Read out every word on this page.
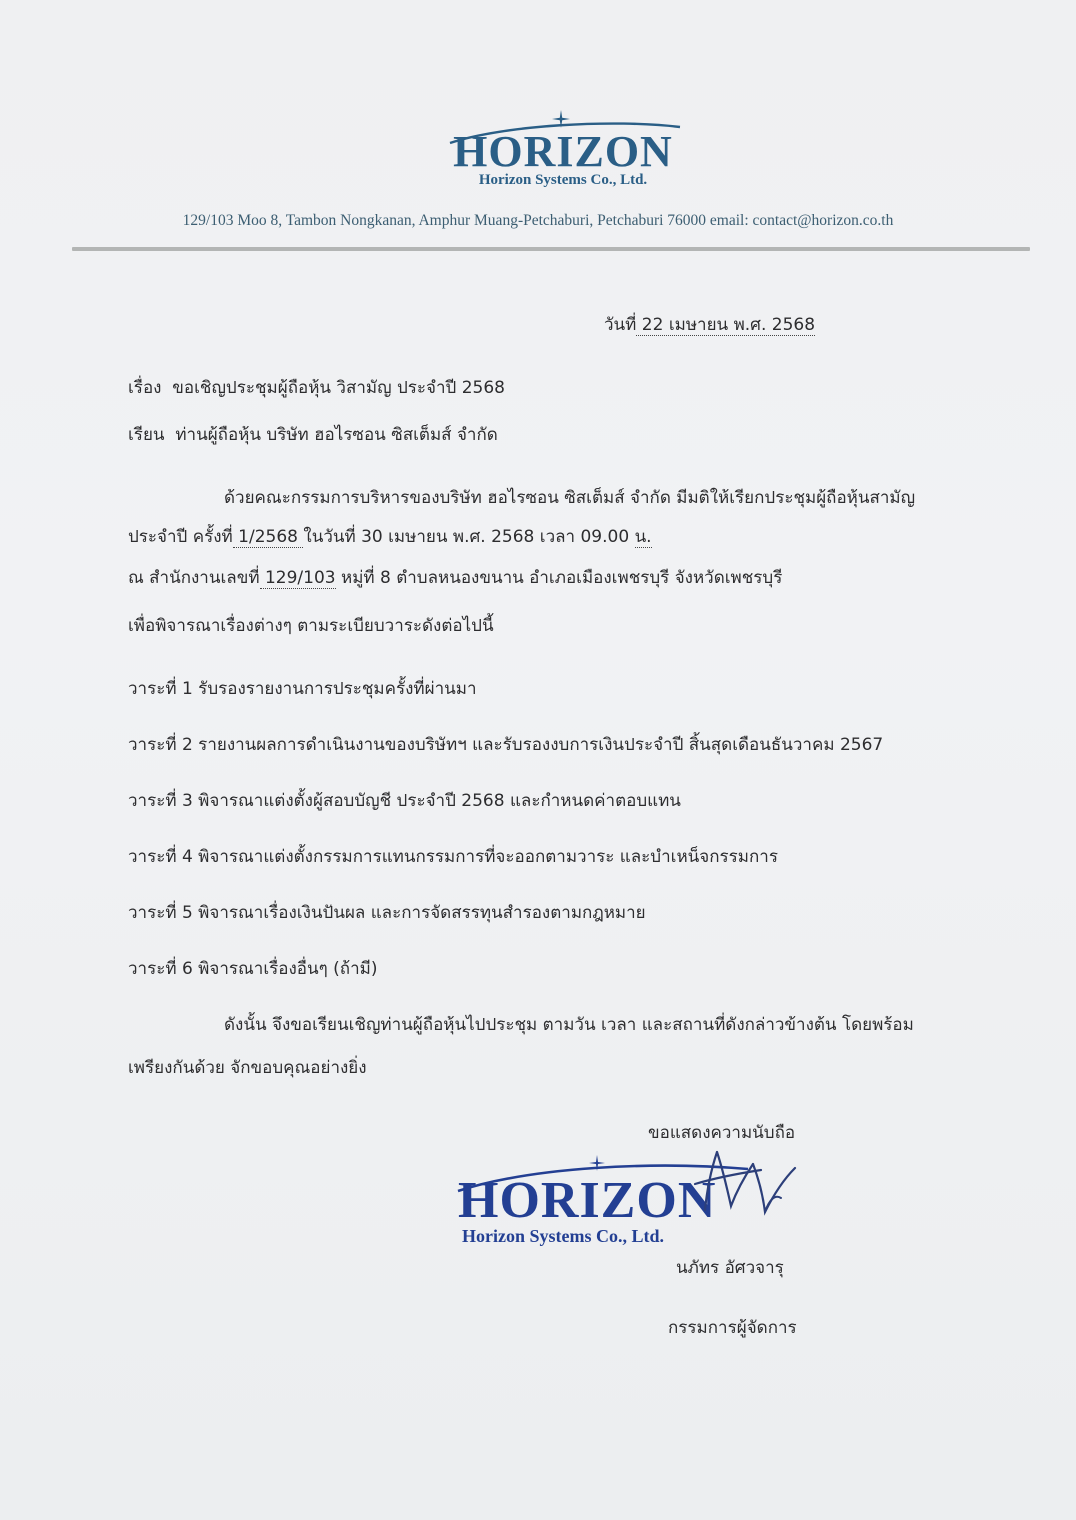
HORIZON
Horizon Systems Co., Ltd.
129/103 Moo 8, Tambon Nongkanan, Amphur Muang-Petchaburi, Petchaburi 76000 email: contact@horizon.co.th
วันที่ 22 เมษายน พ.ศ. 2568
เรื่อง ขอเชิญประชุมผู้ถือหุ้น วิสามัญ ประจำปี 2568
เรียน ท่านผู้ถือหุ้น บริษัท ฮอไรซอน ซิสเต็มส์ จำกัด
ด้วยคณะกรรมการบริหารของบริษัท ฮอไรซอน ซิสเต็มส์ จำกัด มีมติให้เรียกประชุมผู้ถือหุ้นสามัญ
ประจำปี ครั้งที่ 1/2568 ในวันที่ 30 เมษายน พ.ศ. 2568 เวลา 09.00 น.
ณ สำนักงานเลขที่ 129/103 หมู่ที่ 8 ตำบลหนองขนาน อำเภอเมืองเพชรบุรี จังหวัดเพชรบุรี
เพื่อพิจารณาเรื่องต่างๆ ตามระเบียบวาระดังต่อไปนี้
วาระที่ 1 รับรองรายงานการประชุมครั้งที่ผ่านมา
วาระที่ 2 รายงานผลการดำเนินงานของบริษัทฯ และรับรองงบการเงินประจำปี สิ้นสุดเดือนธันวาคม 2567
วาระที่ 3 พิจารณาแต่งตั้งผู้สอบบัญชี ประจำปี 2568 และกำหนดค่าตอบแทน
วาระที่ 4 พิจารณาแต่งตั้งกรรมการแทนกรรมการที่จะออกตามวาระ และบำเหน็จกรรมการ
วาระที่ 5 พิจารณาเรื่องเงินปันผล และการจัดสรรทุนสำรองตามกฎหมาย
วาระที่ 6 พิจารณาเรื่องอื่นๆ (ถ้ามี)
ดังนั้น จึงขอเรียนเชิญท่านผู้ถือหุ้นไปประชุม ตามวัน เวลา และสถานที่ดังกล่าวข้างต้น โดยพร้อม
เพรียงกันด้วย จักขอบคุณอย่างยิ่ง
ขอแสดงความนับถือ
HORIZON
Horizon Systems Co., Ltd.
นภัทร อัศวจารุ
กรรมการผู้จัดการ
